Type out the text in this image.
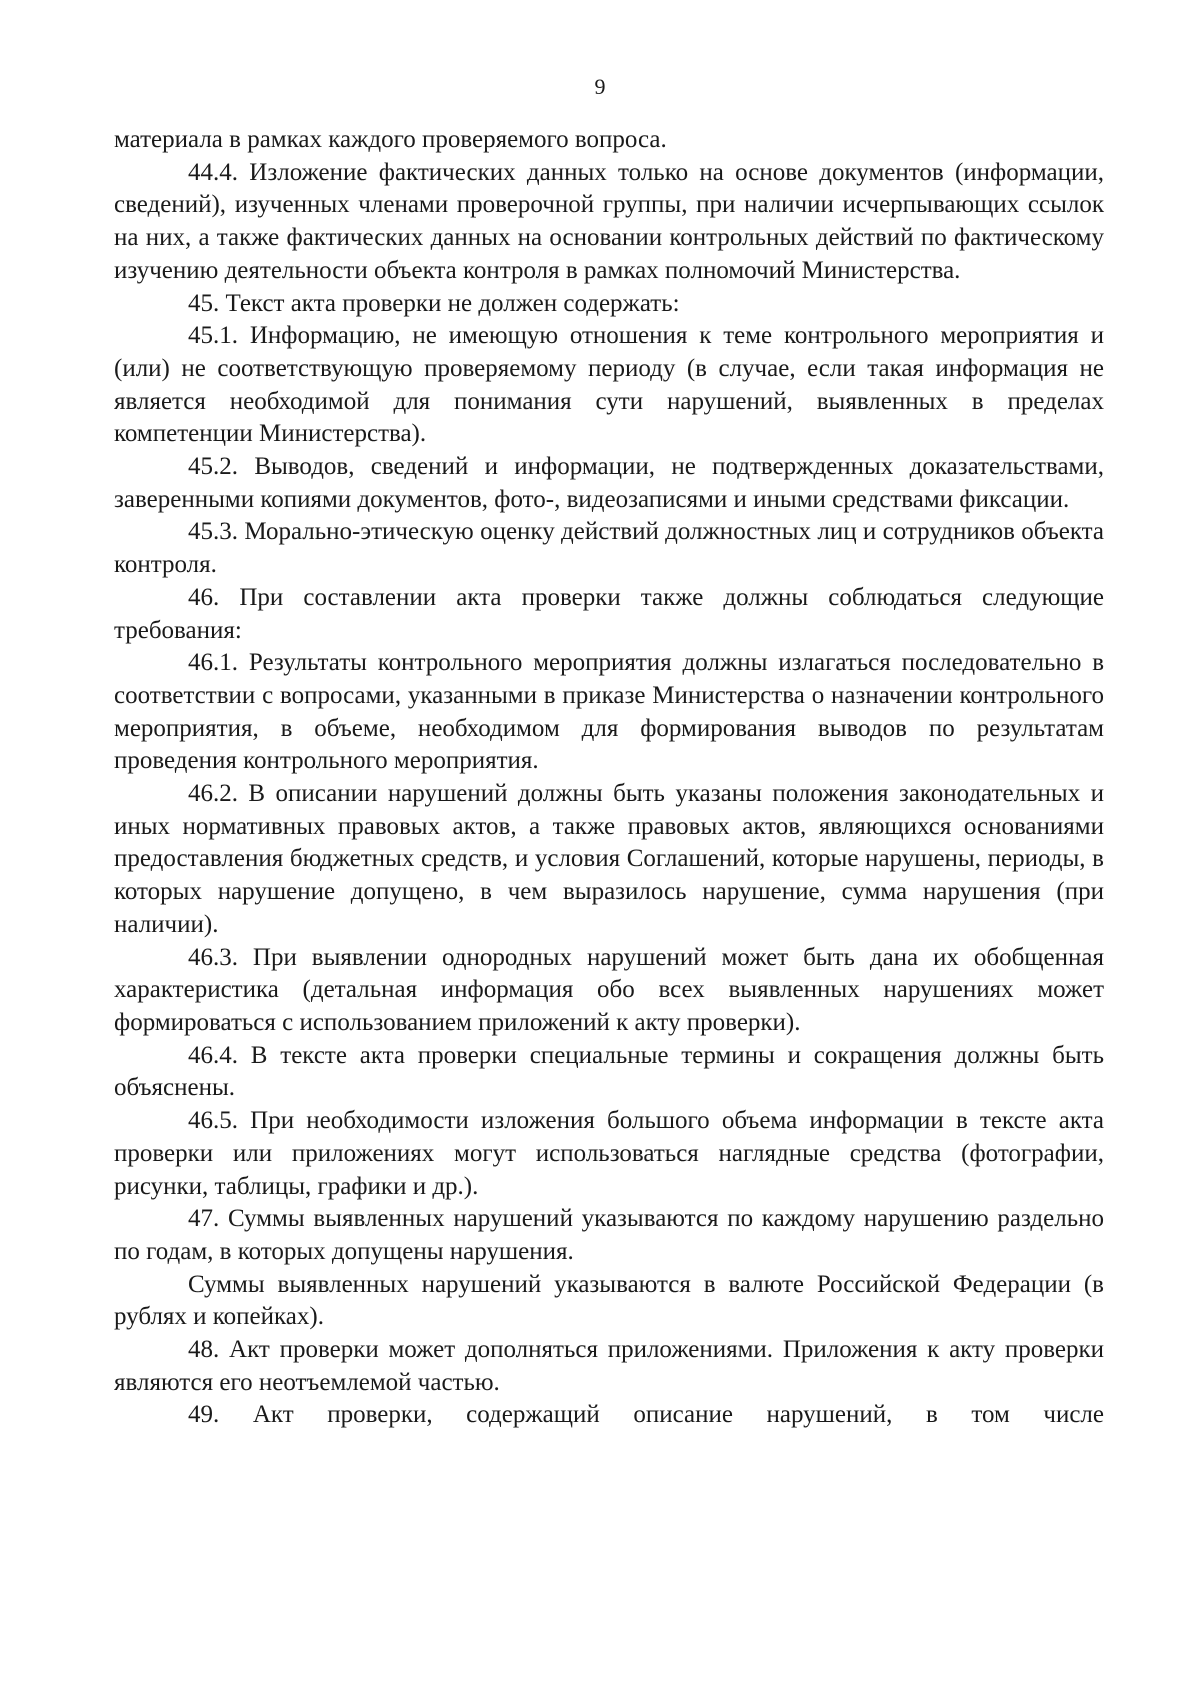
9

материала в рамках каждого проверяемого вопроса.

44.4. Изложение фактических данных только на основе документов (информации, сведений), изученных членами проверочной группы, при наличии исчерпывающих ссылок на них, а также фактических данных на основании контрольных действий по фактическому изучению деятельности объекта контроля в рамках полномочий Министерства.

45. Текст акта проверки не должен содержать:

45.1. Информацию, не имеющую отношения к теме контрольного мероприятия и (или) не соответствующую проверяемому периоду (в случае, если такая информация не является необходимой для понимания сути нарушений, выявленных в пределах компетенции Министерства).

45.2. Выводов, сведений и информации, не подтвержденных доказательствами, заверенными копиями документов, фото-, видеозаписями и иными средствами фиксации.

45.3. Морально-этическую оценку действий должностных лиц и сотрудников объекта контроля.

46. При составлении акта проверки также должны соблюдаться следующие требования:

46.1. Результаты контрольного мероприятия должны излагаться последовательно в соответствии с вопросами, указанными в приказе Министерства о назначении контрольного мероприятия, в объеме, необходимом для формирования выводов по результатам проведения контрольного мероприятия.

46.2. В описании нарушений должны быть указаны положения законодательных и иных нормативных правовых актов, а также правовых актов, являющихся основаниями предоставления бюджетных средств, и условия Соглашений, которые нарушены, периоды, в которых нарушение допущено, в чем выразилось нарушение, сумма нарушения (при наличии).

46.3. При выявлении однородных нарушений может быть дана их обобщенная характеристика (детальная информация обо всех выявленных нарушениях может формироваться с использованием приложений к акту проверки).

46.4. В тексте акта проверки специальные термины и сокращения должны быть объяснены.

46.5. При необходимости изложения большого объема информации в тексте акта проверки или приложениях могут использоваться наглядные средства (фотографии, рисунки, таблицы, графики и др.).

47. Суммы выявленных нарушений указываются по каждому нарушению раздельно по годам, в которых допущены нарушения.

Суммы выявленных нарушений указываются в валюте Российской Федерации (в рублях и копейках).

48. Акт проверки может дополняться приложениями. Приложения к акту проверки являются его неотъемлемой частью.

49. Акт проверки, содержащий описание нарушений, в том числе
